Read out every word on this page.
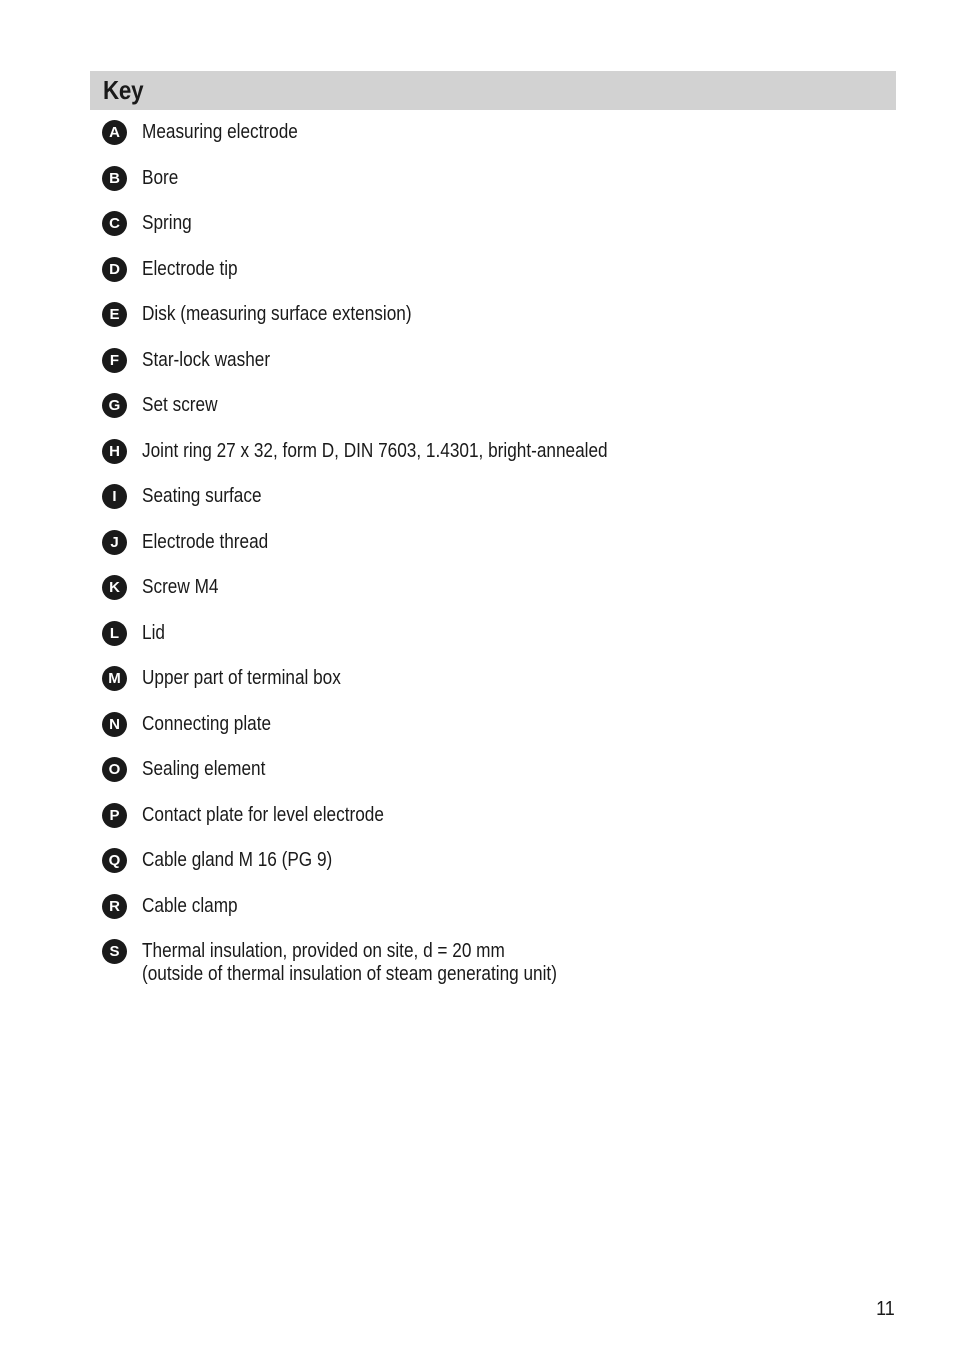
Key
A	Measuring electrode
B	Bore
C	Spring
D	Electrode tip
E	Disk (measuring surface extension)
F	Star-lock washer
G	Set screw
H	Joint ring 27 x 32, form D, DIN 7603, 1.4301, bright-annealed
I	Seating surface
J	Electrode thread
K	Screw M4
L	Lid
M	Upper part of terminal box
N	Connecting plate
O	Sealing element
P	Contact plate for level electrode
Q	Cable gland M 16 (PG 9)
R	Cable clamp
S	Thermal insulation, provided on site, d = 20 mm
(outside of thermal insulation of steam generating unit)
11
